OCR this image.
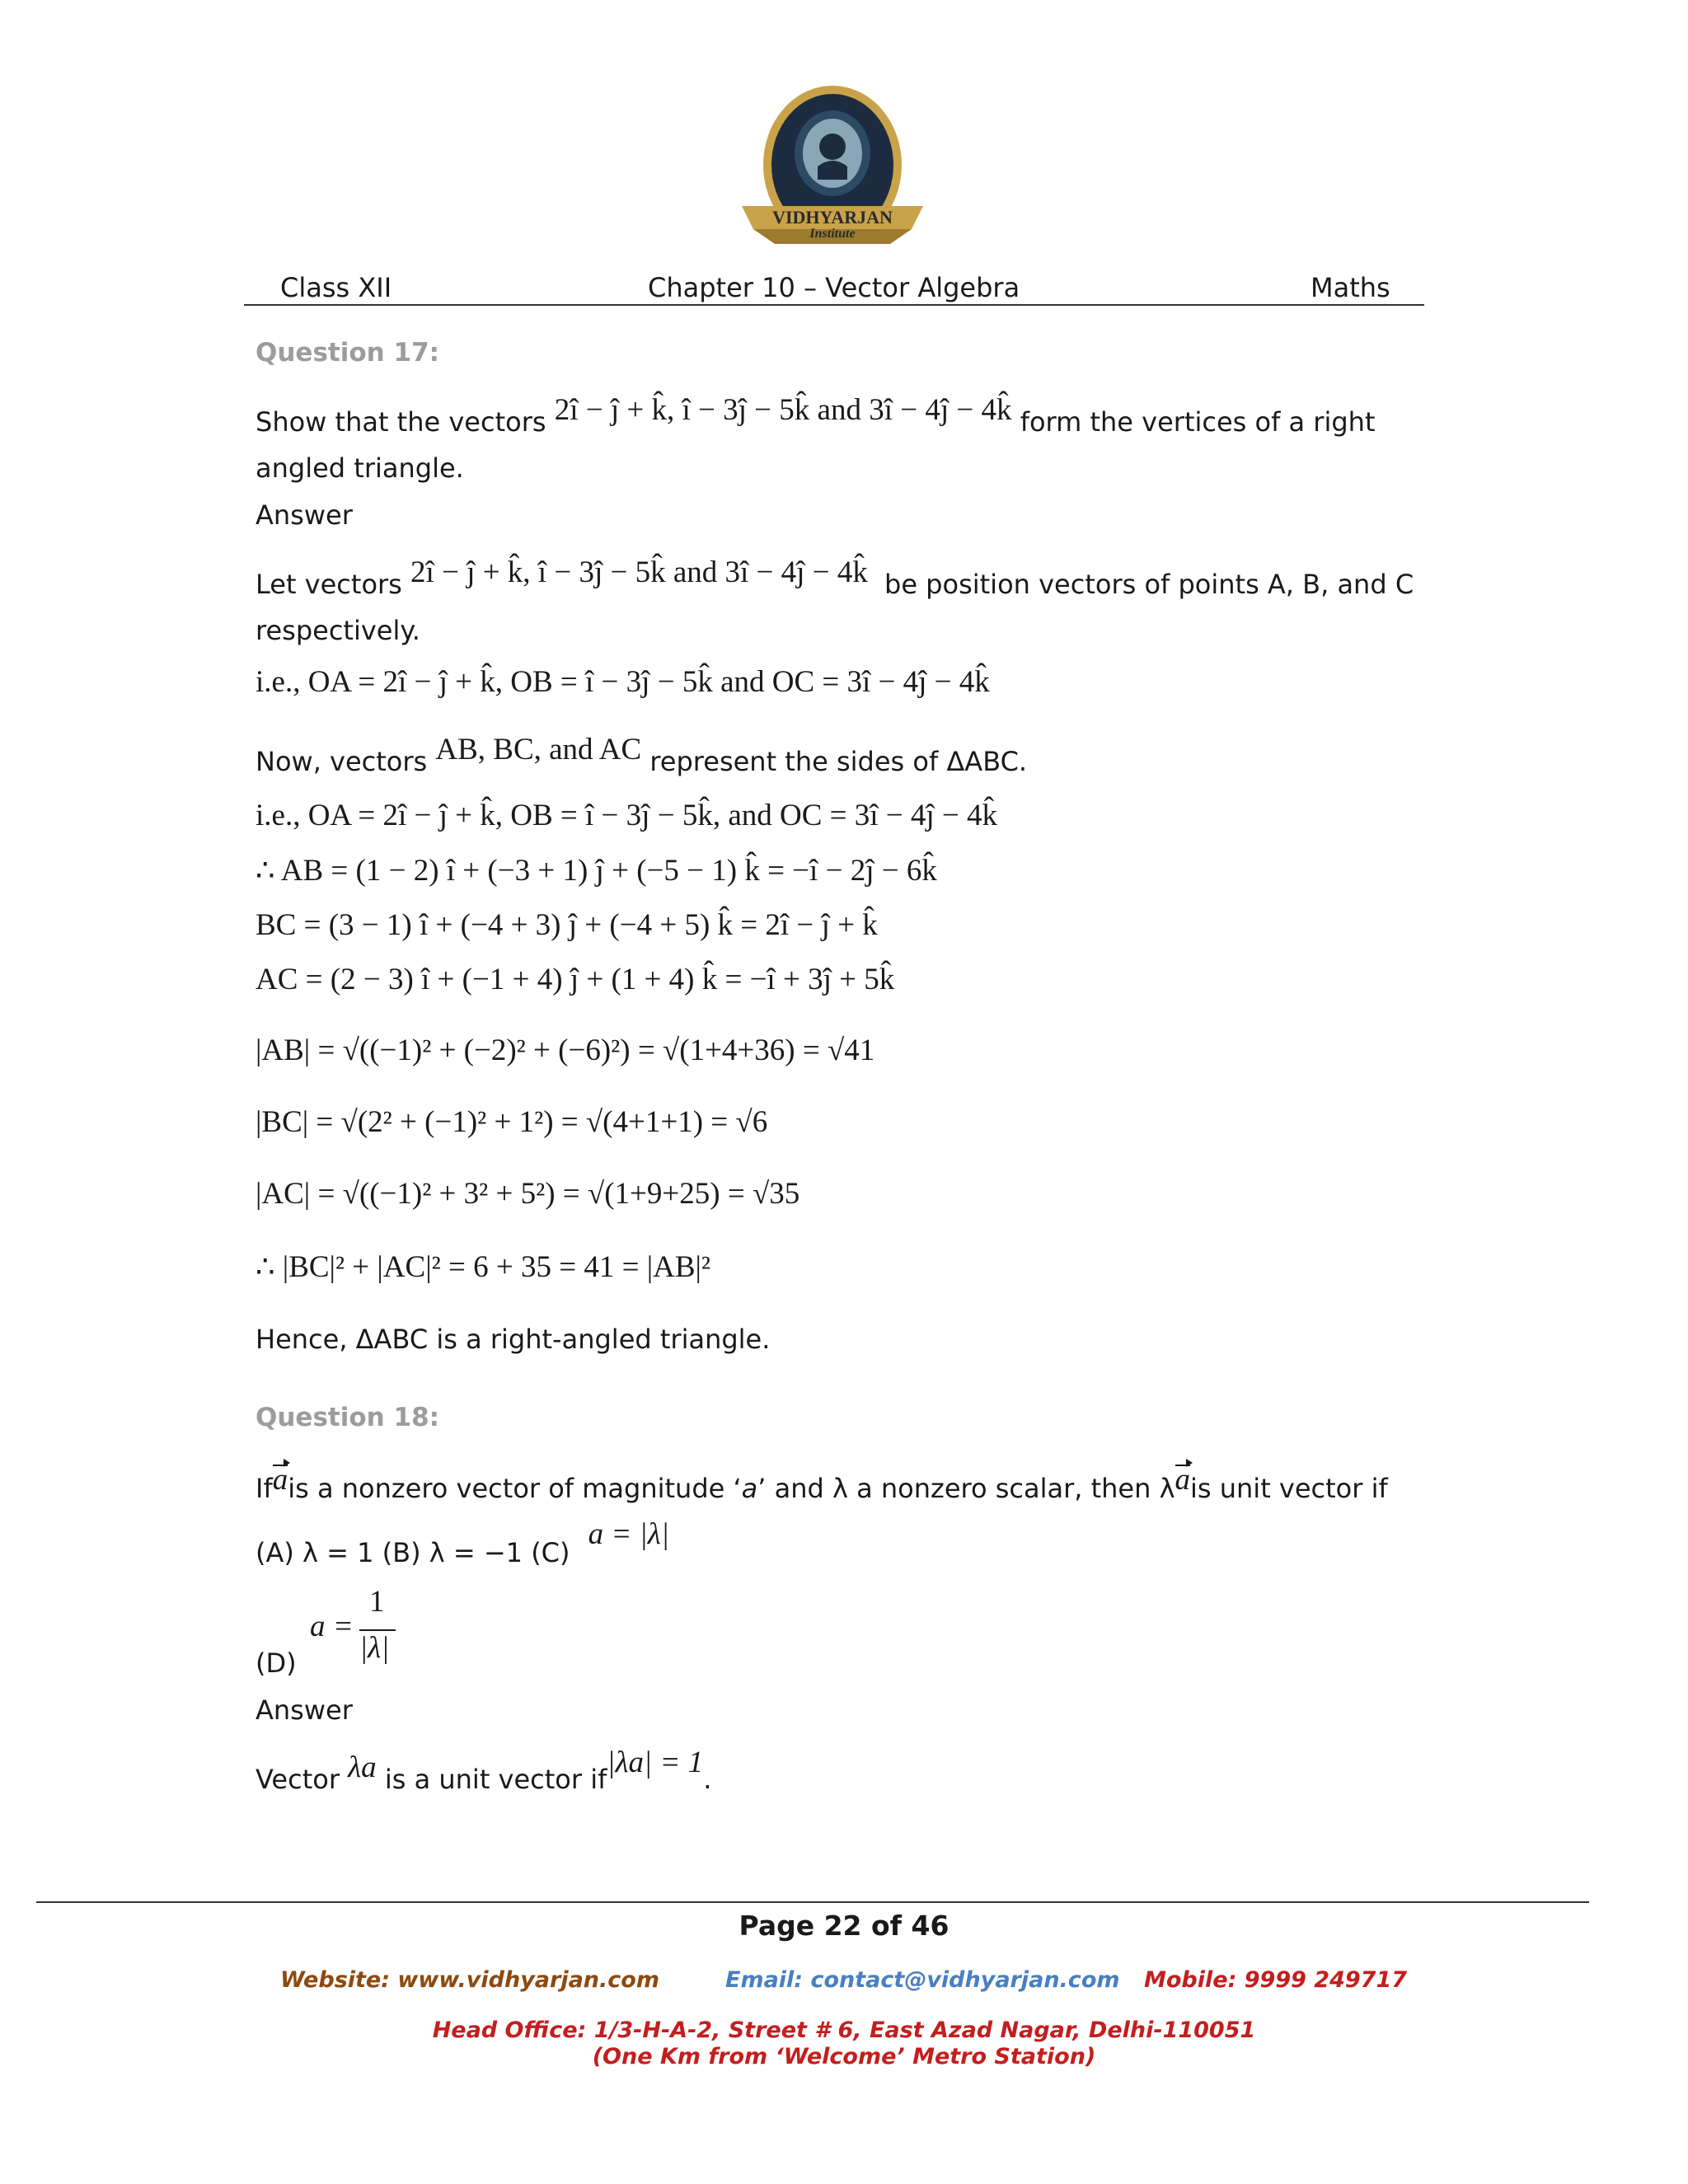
VIDHYARJAN
Institute
Class XII	Chapter 10 – Vector Algebra	Maths
Question 17:
Show that the vectors 2î − ĵ + k̂, î − 3ĵ − 5k̂ and 3î − 4ĵ − 4k̂ form the vertices of a right
angled triangle.
Answer
Let vectors 2î − ĵ + k̂, î − 3ĵ − 5k̂ and 3î − 4ĵ − 4k̂ be position vectors of points A, B, and C
respectively.
i.e., OA = 2î − ĵ + k̂, OB = î − 3ĵ − 5k̂ and OC = 3î − 4ĵ − 4k̂
Now, vectors AB, BC, and AC represent the sides of ΔABC.
i.e., OA = 2î − ĵ + k̂, OB = î − 3ĵ − 5k̂, and OC = 3î − 4ĵ − 4k̂
∴ AB = (1 − 2) î + (−3 + 1) ĵ + (−5 − 1) k̂ = −î − 2ĵ − 6k̂
BC = (3 − 1) î + (−4 + 3) ĵ + (−4 + 5) k̂ = 2î − ĵ + k̂
AC = (2 − 3) î + (−1 + 4) ĵ + (1 + 4) k̂ = −î + 3ĵ + 5k̂
|AB| = √((−1)² + (−2)² + (−6)²) = √(1+4+36) = √41
|BC| = √(2² + (−1)² + 1²) = √(4+1+1) = √6
|AC| = √((−1)² + 3² + 5²) = √(1+9+25) = √35
∴ |BC|² + |AC|² = 6 + 35 = 41 = |AB|²
Hence, ΔABC is a right-angled triangle.
Question 18:
Ifais a nonzero vector of magnitude ‘a’ and λ a nonzero scalar, then λais unit vector if
(A) λ = 1 (B) λ = −1 (C) a = |λ|
1
a =
|λ|
(D)
Answer
Vector λa is a unit vector if|λa| = 1.
Page 22 of 46
Website: www.vidhyarjan.com	Email: contact@vidhyarjan.com Mobile: 9999 249717
Head Office: 1/3-H-A-2, Street # 6, East Azad Nagar, Delhi-110051
(One Km from ‘Welcome’ Metro Station)
